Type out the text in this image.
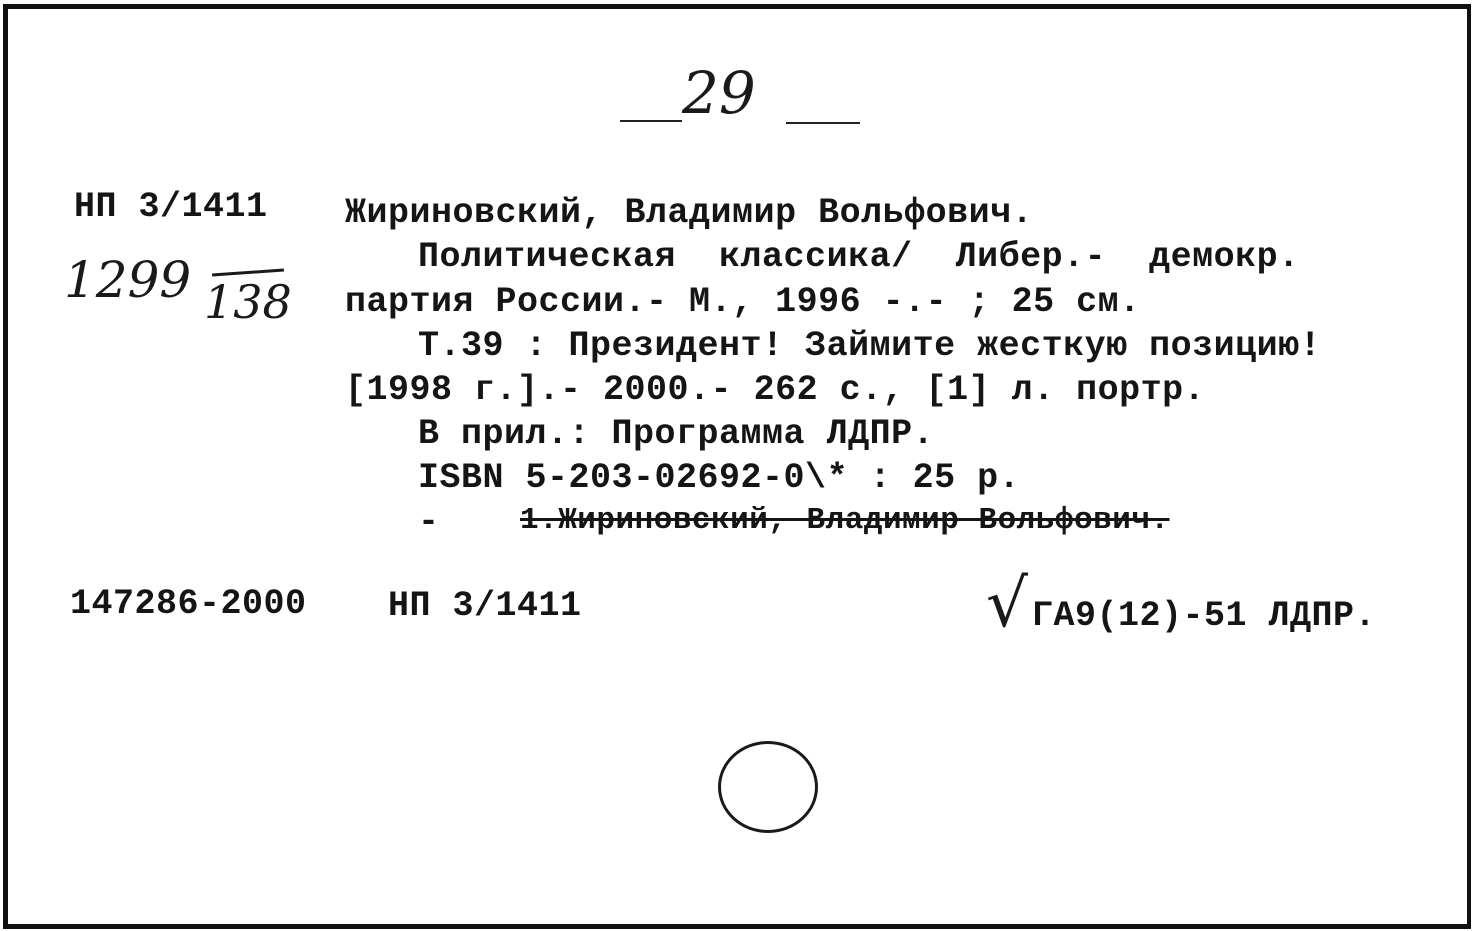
29
НП 3/1411
1299 138
Жириновский, Владимир Вольфович.
Политическая  классика/  Либер.-  демокр.
партия России.- М., 1996 -.- ; 25 см.
Т.39 : Президент! Займите жесткую позицию!
[1998 г.].- 2000.- 262 с., [1] л. портр.
В прил.: Программа ЛДПР.
ISBN 5-203-02692-0\* : 25 р.
-	1.Жириновский, Владимир Вольфович.
147286-2000 НП 3/1411	√ ГА9(12)-51 ЛДПР.
